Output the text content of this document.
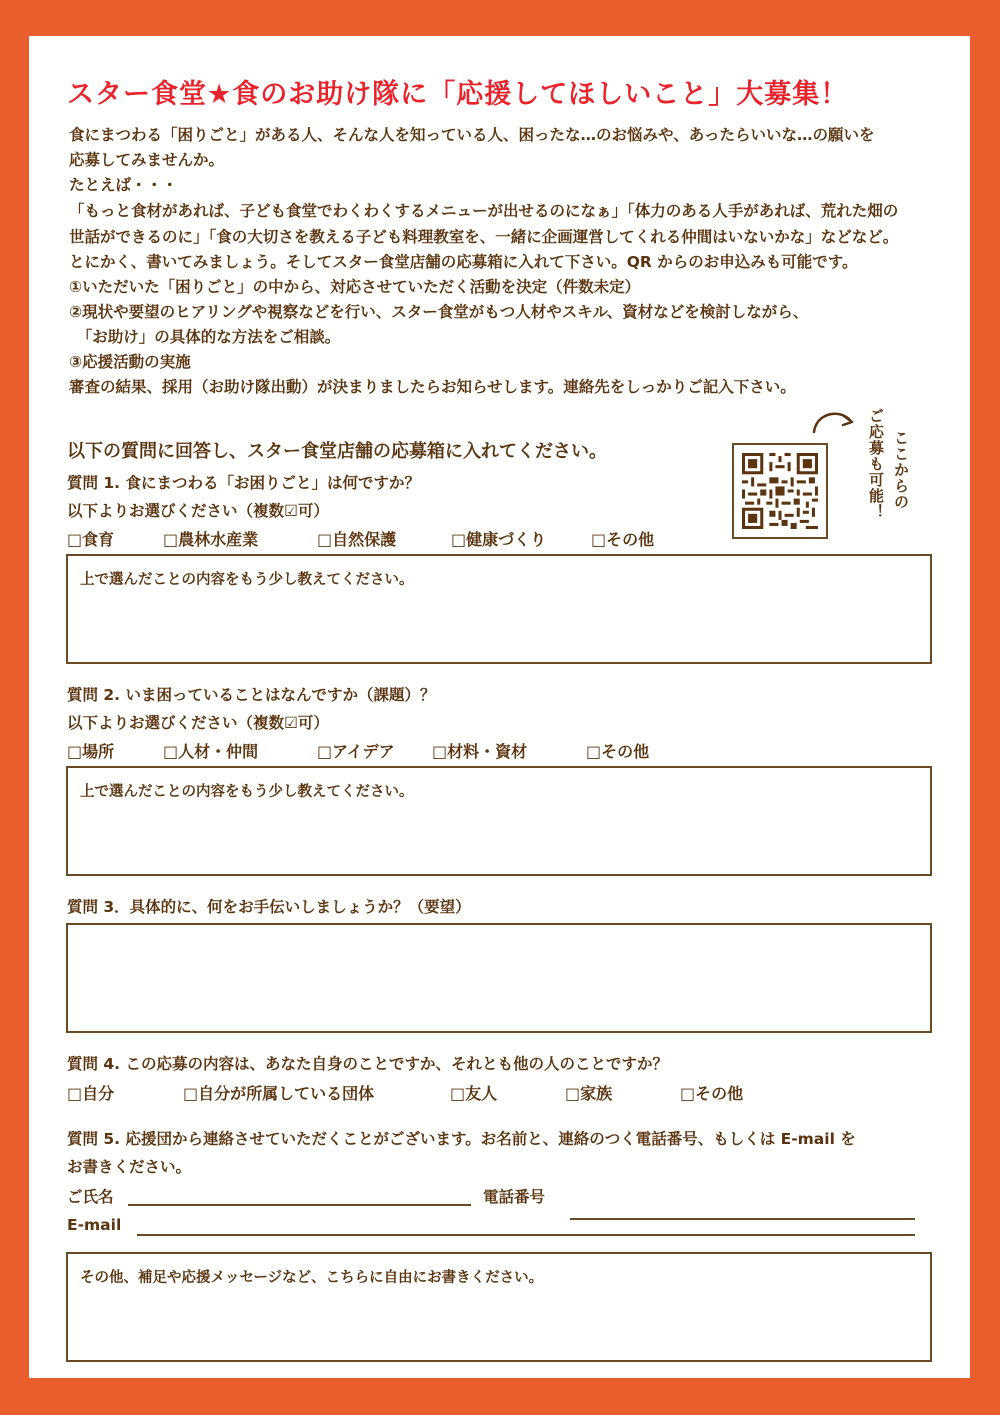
スター食堂★食のお助け隊に「応援してほしいこと」大募集！
食にまつわる「困りごと」がある人、そんな人を知っている人、困ったな…のお悩みや、あったらいいな…の願いを
応募してみませんか。
たとえば・・・
「もっと食材があれば、子ども食堂でわくわくするメニューが出せるのになぁ」「体力のある人手があれば、荒れた畑の
世話ができるのに」「食の大切さを教える子ども料理教室を、一緒に企画運営してくれる仲間はいないかな」などなど。
とにかく、書いてみましょう。そしてスター食堂店舗の応募箱に入れて下さい。QR からのお申込みも可能です。
①いただいた「困りごと」の中から、対応させていただく活動を決定（件数未定）
②現状や要望のヒアリングや視察などを行い、スター食堂がもつ人材やスキル、資材などを検討しながら、
　「お助け」の具体的な方法をご相談。
③応援活動の実施
審査の結果、採用（お助け隊出動）が決まりましたらお知らせします。連絡先をしっかりご記入下さい。
以下の質問に回答し、スター食堂店舗の応募箱に入れてください。	ここからの
ご応募も可能！
質問 1. 食にまつわる「お困りごと」は何ですか？
以下よりお選びください（複数☑可）
□食育	□農林水産業	□自然保護	□健康づくり	□その他
上で選んだことの内容をもう少し教えてください。
質問 2. いま困っていることはなんですか（課題）？
以下よりお選びください（複数☑可）
□場所	□人材・仲間	□アイデア □材料・資材	□その他
上で選んだことの内容をもう少し教えてください。
質問 3．具体的に、何をお手伝いしましょうか？（要望）
質問 4. この応募の内容は、あなた自身のことですか、それとも他の人のことですか？
□自分	□自分が所属している団体	□友人	□家族	□その他
質問 5. 応援団から連絡させていただくことがございます。お名前と、連絡のつく電話番号、もしくは E-mail を
お書きください。
ご氏名	電話番号
E-mail
その他、補足や応援メッセージなど、こちらに自由にお書きください。
